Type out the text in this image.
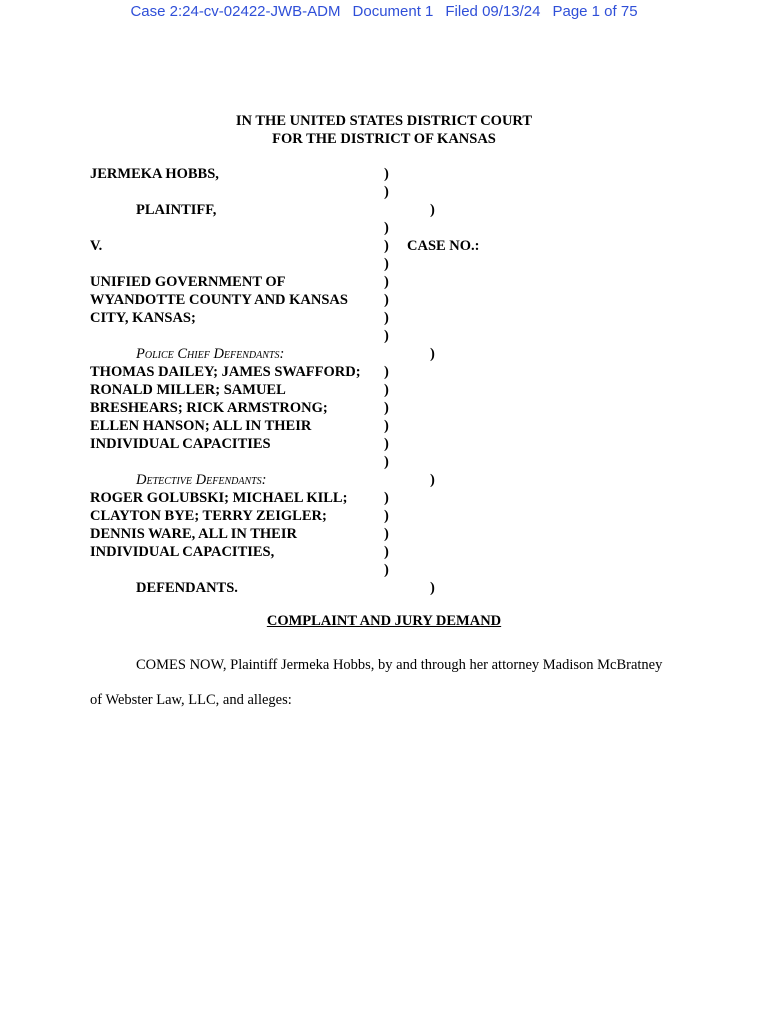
Case 2:24-cv-02422-JWB-ADM Document 1 Filed 09/13/24 Page 1 of 75
IN THE UNITED STATES DISTRICT COURT
FOR THE DISTRICT OF KANSAS
JERMEKA HOBBS,	)
)
PLAINTIFF,	)
)
V.	)	CASE NO.:
)
UNIFIED GOVERNMENT OF	)
WYANDOTTE COUNTY AND KANSAS	)
CITY, KANSAS;	)
)
Police Chief Defendants:	)
THOMAS DAILEY; JAMES SWAFFORD;	)
RONALD MILLER; SAMUEL	)
BRESHEARS; RICK ARMSTRONG;	)
ELLEN HANSON; ALL IN THEIR	)
INDIVIDUAL CAPACITIES	)
)
Detective Defendants:	)
ROGER GOLUBSKI; MICHAEL KILL;	)
CLAYTON BYE; TERRY ZEIGLER;	)
DENNIS WARE, ALL IN THEIR	)
INDIVIDUAL CAPACITIES,	)
)
DEFENDANTS.	)
COMPLAINT AND JURY DEMAND
COMES NOW, Plaintiff Jermeka Hobbs, by and through her attorney Madison McBratney
of Webster Law, LLC, and alleges:
